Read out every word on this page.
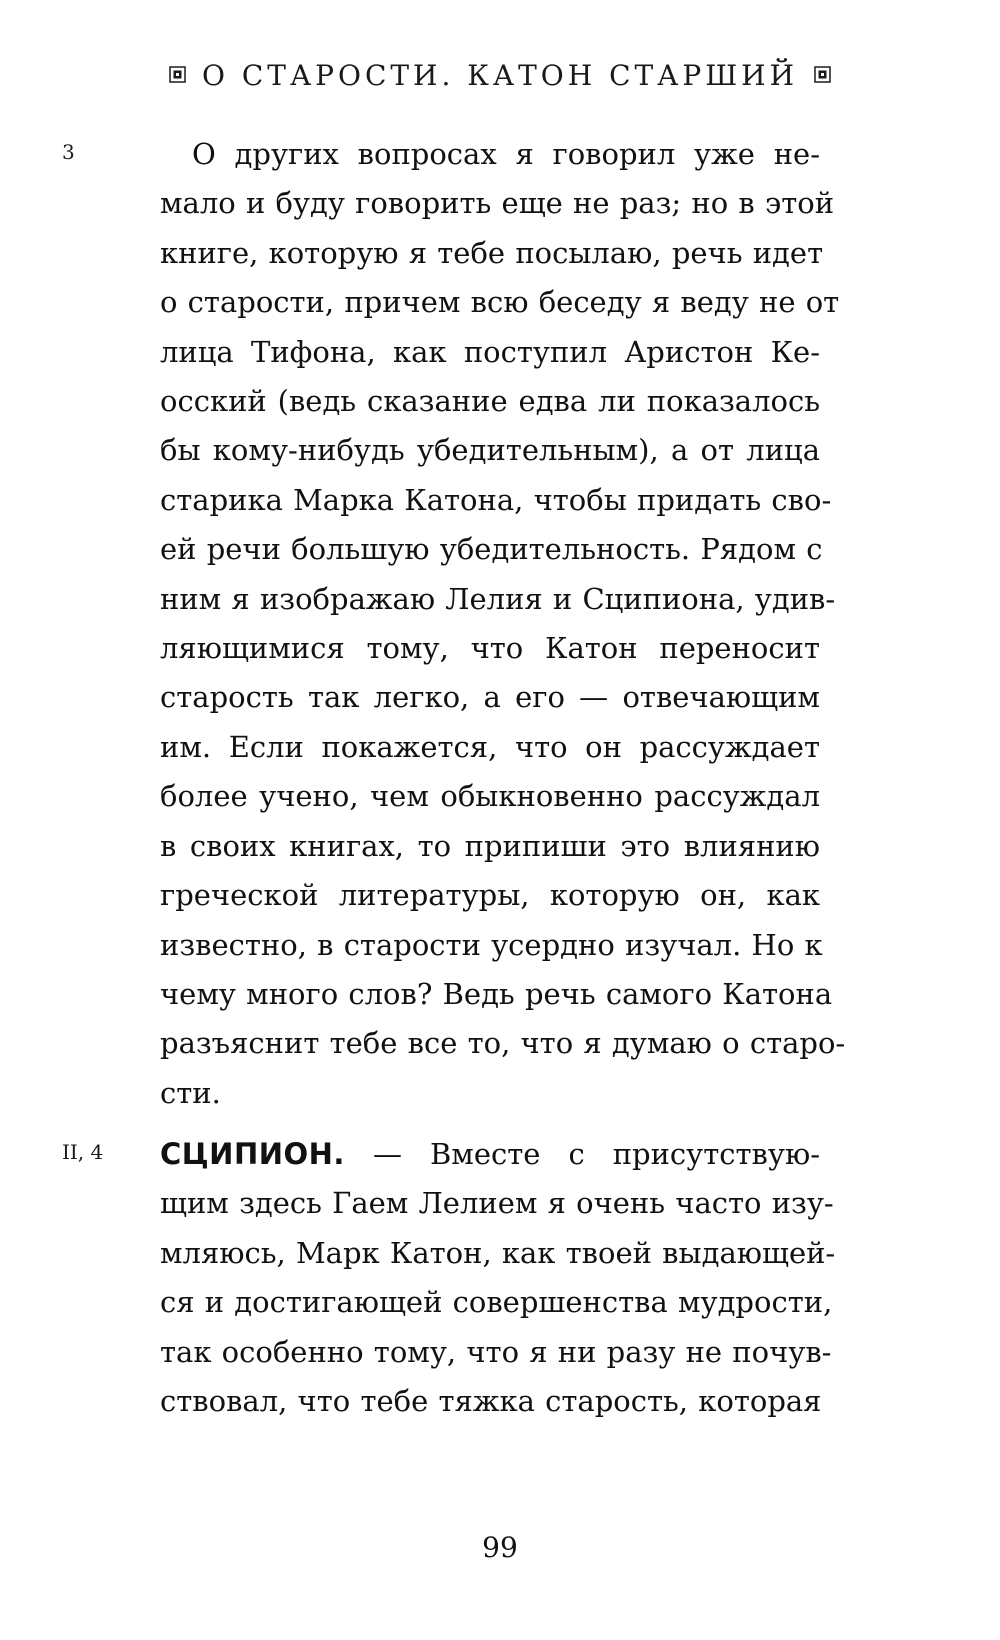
О СТАРОСТИ. КАТОН СТАРШИЙ
3	О других вопросах я говорил уже не-
мало и буду говорить еще не раз; но в этой
книге, которую я тебе посылаю, речь идет
о старости, причем всю беседу я веду не от
лица Тифона, как поступил Аристон Ке-
осский (ведь сказание едва ли показалось
бы кому-нибудь убедительным), а от лица
старика Марка Катона, чтобы придать сво-
ей речи большую убедительность. Рядом с
ним я изображаю Лелия и Сципиона, удив-
ляющимися тому, что Катон переносит
старость так легко, а его — отвечающим
им. Если покажется, что он рассуждает
более учено, чем обыкновенно рассуждал
в своих книгах, то припиши это влиянию
греческой литературы, которую он, как
известно, в старости усердно изучал. Но к
чему много слов? Ведь речь самого Катона
разъяснит тебе все то, что я думаю о старо-
сти.
II, 4 СЦИПИОН. — Вместе с присутствую-
щим здесь Гаем Лелием я очень часто изу-
мляюсь, Марк Катон, как твоей выдающей-
ся и достигающей совершенства мудрости,
так особенно тому, что я ни разу не почув-
ствовал, что тебе тяжка старость, которая
99
